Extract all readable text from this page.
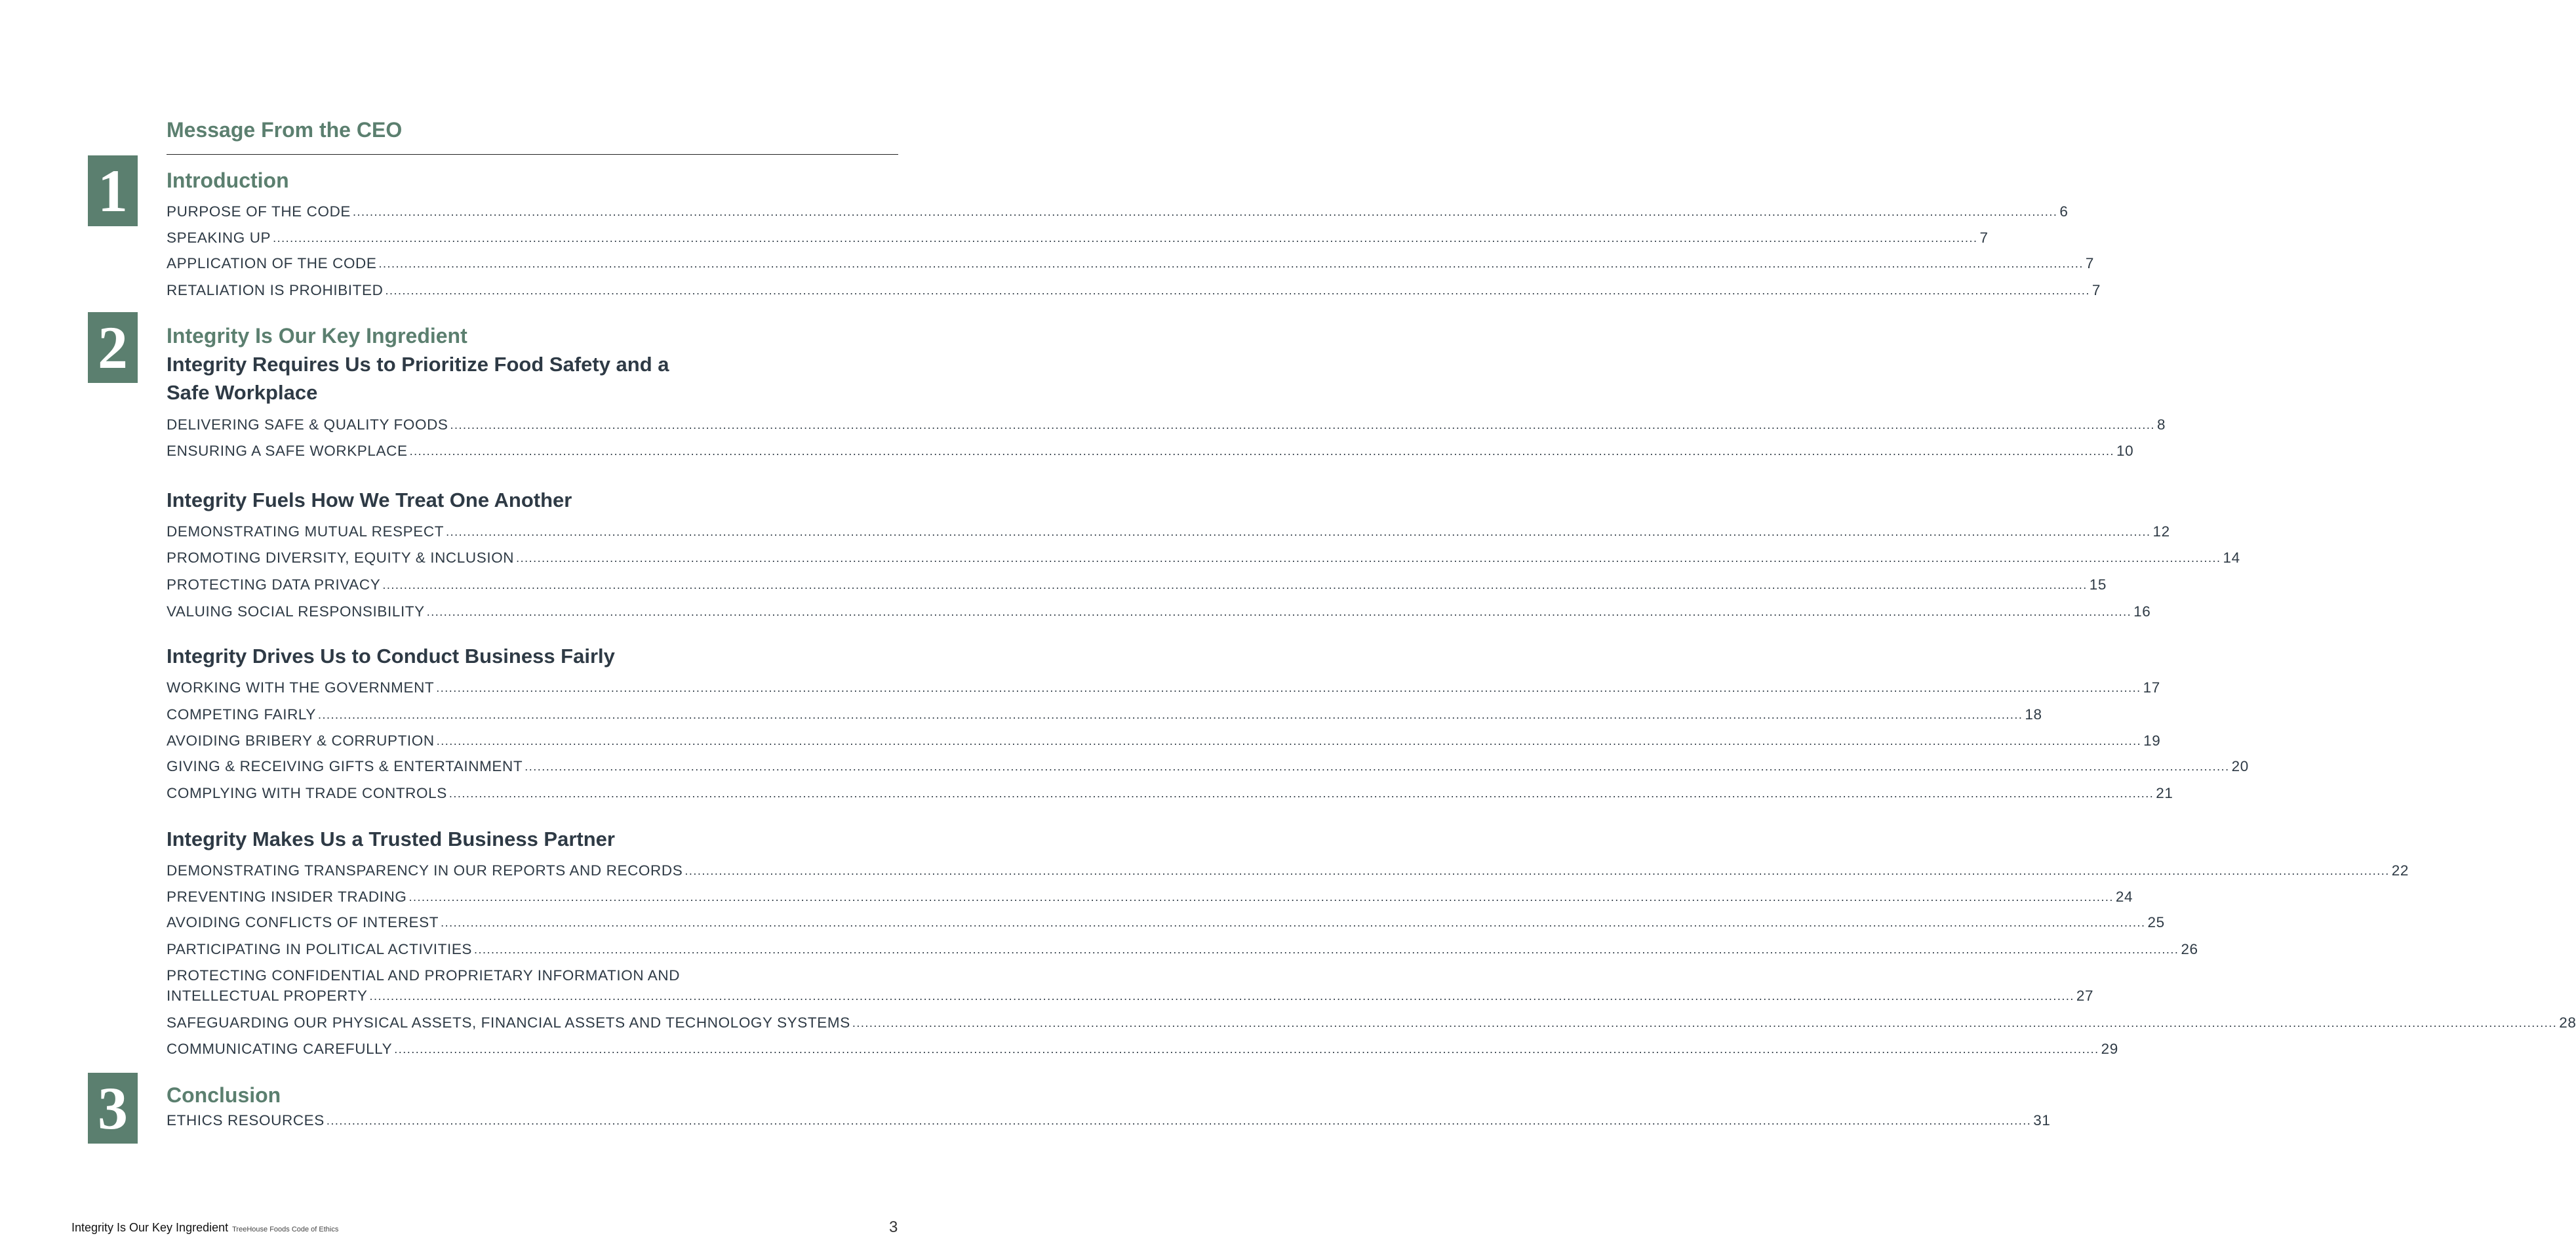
Message From the CEO
1	Introduction
2	Integrity Is Our Key Ingredient
Integrity Requires Us to Prioritize Food Safety and a
Safe Workplace
Integrity Fuels How We Treat One Another
Integrity Drives Us to Conduct Business Fairly
Integrity Makes Us a Trusted Business Partner
3	Conclusion
PURPOSE OF THE CODE ................................................................................................................................................................................................................................................................................................................................................................................................................ 6
SPEAKING UP ................................................................................................................................................................................................................................................................................................................................................................................................................ 7
APPLICATION OF THE CODE ................................................................................................................................................................................................................................................................................................................................................................................................................ 7
RETALIATION IS PROHIBITED ................................................................................................................................................................................................................................................................................................................................................................................................................ 7
DELIVERING SAFE & QUALITY FOODS ................................................................................................................................................................................................................................................................................................................................................................................................................ 8
ENSURING A SAFE WORKPLACE ................................................................................................................................................................................................................................................................................................................................................................................................................ 10
DEMONSTRATING MUTUAL RESPECT ................................................................................................................................................................................................................................................................................................................................................................................................................ 12
PROMOTING DIVERSITY, EQUITY & INCLUSION ................................................................................................................................................................................................................................................................................................................................................................................................................ 14
PROTECTING DATA PRIVACY ................................................................................................................................................................................................................................................................................................................................................................................................................ 15
VALUING SOCIAL RESPONSIBILITY ................................................................................................................................................................................................................................................................................................................................................................................................................ 16
WORKING WITH THE GOVERNMENT ................................................................................................................................................................................................................................................................................................................................................................................................................ 17
COMPETING FAIRLY ................................................................................................................................................................................................................................................................................................................................................................................................................ 18
AVOIDING BRIBERY & CORRUPTION ................................................................................................................................................................................................................................................................................................................................................................................................................ 19
GIVING & RECEIVING GIFTS & ENTERTAINMENT ................................................................................................................................................................................................................................................................................................................................................................................................................ 20
COMPLYING WITH TRADE CONTROLS ................................................................................................................................................................................................................................................................................................................................................................................................................ 21
DEMONSTRATING TRANSPARENCY IN OUR REPORTS AND RECORDS ................................................................................................................................................................................................................................................................................................................................................................................................................ 22
PREVENTING INSIDER TRADING ................................................................................................................................................................................................................................................................................................................................................................................................................ 24
AVOIDING CONFLICTS OF INTEREST ................................................................................................................................................................................................................................................................................................................................................................................................................ 25
PARTICIPATING IN POLITICAL ACTIVITIES ................................................................................................................................................................................................................................................................................................................................................................................................................ 26
PROTECTING CONFIDENTIAL AND PROPRIETARY INFORMATION AND
INTELLECTUAL PROPERTY ................................................................................................................................................................................................................................................................................................................................................................................................................ 27
SAFEGUARDING OUR PHYSICAL ASSETS, FINANCIAL ASSETS AND TECHNOLOGY SYSTEMS ................................................................................................................................................................................................................................................................................................................................................................................................................ 28
COMMUNICATING CAREFULLY ................................................................................................................................................................................................................................................................................................................................................................................................................ 29
ETHICS RESOURCES ................................................................................................................................................................................................................................................................................................................................................................................................................ 31
Integrity Is Our Key Ingredient TreeHouse Foods Code of Ethics	3
